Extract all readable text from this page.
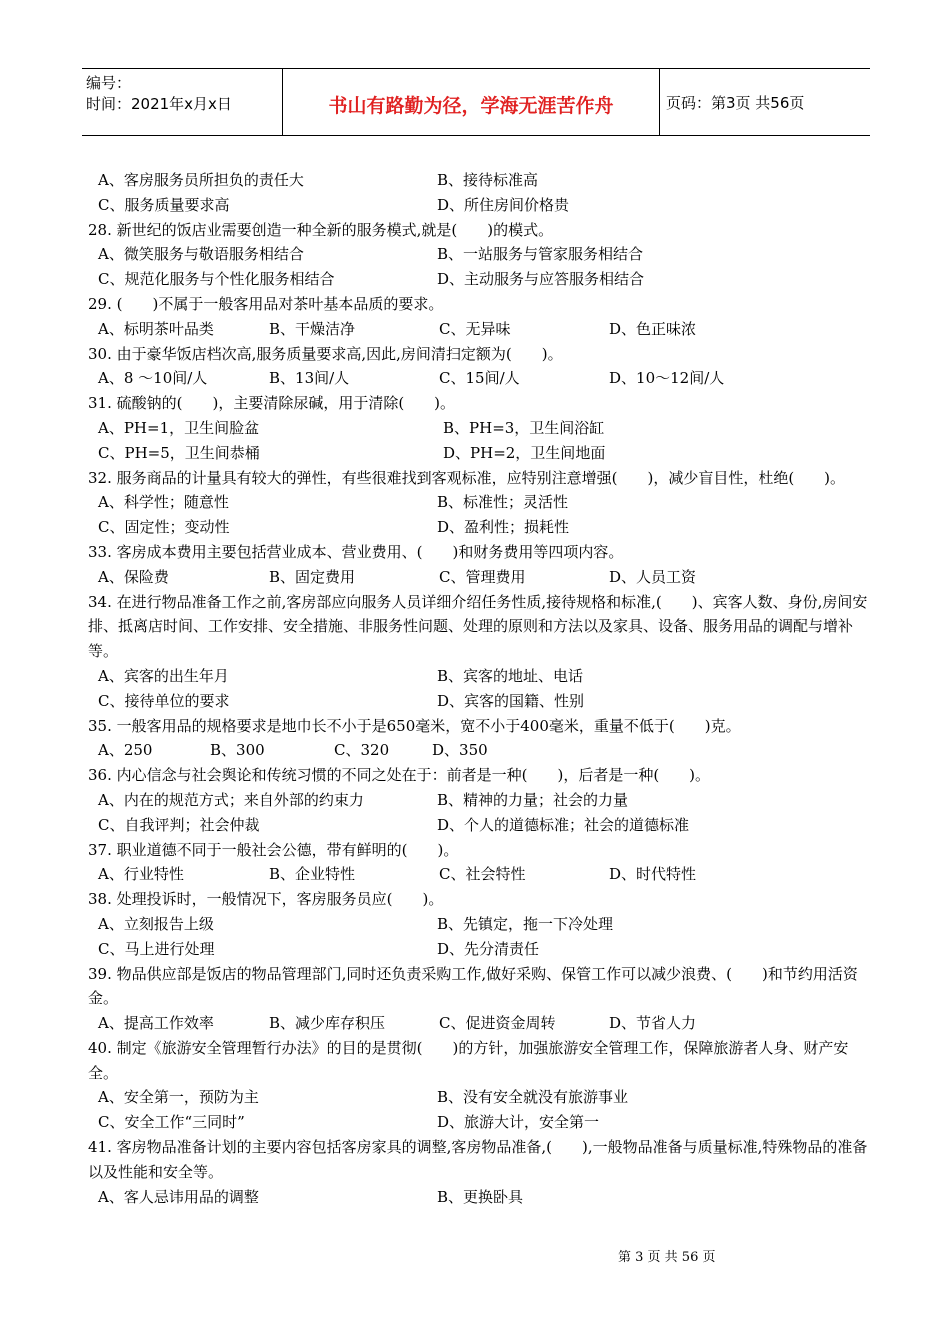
编号：
时间：2021年x月x日	书山有路勤为径，学海无涯苦作舟	页码：第3页 共56页
A、客房服务员所担负的责任大	B、接待标准高
C、服务质量要求高	D、所住房间价格贵
28. 新世纪的饭店业需要创造一种全新的服务模式,就是(　　)的模式。
A、微笑服务与敬语服务相结合	B、一站服务与管家服务相结合
C、规范化服务与个性化服务相结合	D、主动服务与应答服务相结合
29. (　　)不属于一般客用品对茶叶基本品质的要求。
A、标明茶叶品类	B、干燥洁净	C、无异味	D、色正味浓
30. 由于豪华饭店档次高,服务质量要求高,因此,房间清扫定额为(　　)。
A、8 ～10间/人	B、13间/人	C、15间/人	D、10～12间/人
31. 硫酸钠的(　　)，主要清除尿碱，用于清除(　　)。
A、PH=1，卫生间脸盆	B、PH=3，卫生间浴缸
C、PH=5，卫生间恭桶	D、PH=2，卫生间地面
32. 服务商品的计量具有较大的弹性，有些很难找到客观标准，应特别注意增强(　　)，减少盲目性，杜绝(　　)。
A、科学性；随意性	B、标准性；灵活性
C、固定性；变动性	D、盈利性；损耗性
33. 客房成本费用主要包括营业成本、营业费用、(　　)和财务费用等四项内容。
A、保险费	B、固定费用	C、管理费用	D、人员工资
34. 在进行物品准备工作之前,客房部应向服务人员详细介绍任务性质,接待规格和标准,(　　)、宾客人数、身份,房间安排、抵离店时间、工作安排、安全措施、非服务性问题、处理的原则和方法以及家具、设备、服务用品的调配与增补等。
A、宾客的出生年月	B、宾客的地址、电话
C、接待单位的要求	D、宾客的国籍、性别
35. 一般客用品的规格要求是地巾长不小于是650毫米，宽不小于400毫米，重量不低于(　　)克。
A、250	B、300	C、320	D、350
36. 内心信念与社会舆论和传统习惯的不同之处在于：前者是一种(　　)，后者是一种(　　)。
A、内在的规范方式；来自外部的约束力	B、精神的力量；社会的力量
C、自我评判；社会仲裁	D、个人的道德标准；社会的道德标准
37. 职业道德不同于一般社会公德，带有鲜明的(　　)。
A、行业特性	B、企业特性	C、社会特性	D、时代特性
38. 处理投诉时，一般情况下，客房服务员应(　　)。
A、立刻报告上级	B、先镇定，拖一下冷处理
C、马上进行处理	D、先分清责任
39. 物品供应部是饭店的物品管理部门,同时还负责采购工作,做好采购、保管工作可以减少浪费、(　　)和节约用活资金。
A、提高工作效率	B、减少库存积压	C、促进资金周转	D、节省人力
40. 制定《旅游安全管理暂行办法》的目的是贯彻(　　)的方针，加强旅游安全管理工作，保障旅游者人身、财产安全。
A、安全第一，预防为主	B、没有安全就没有旅游事业
C、安全工作“三同时”	D、旅游大计，安全第一
41. 客房物品准备计划的主要内容包括客房家具的调整,客房物品准备,(　　),一般物品准备与质量标准,特殊物品的准备以及性能和安全等。
A、客人忌讳用品的调整	B、更换卧具
第 3 页 共 56 页
